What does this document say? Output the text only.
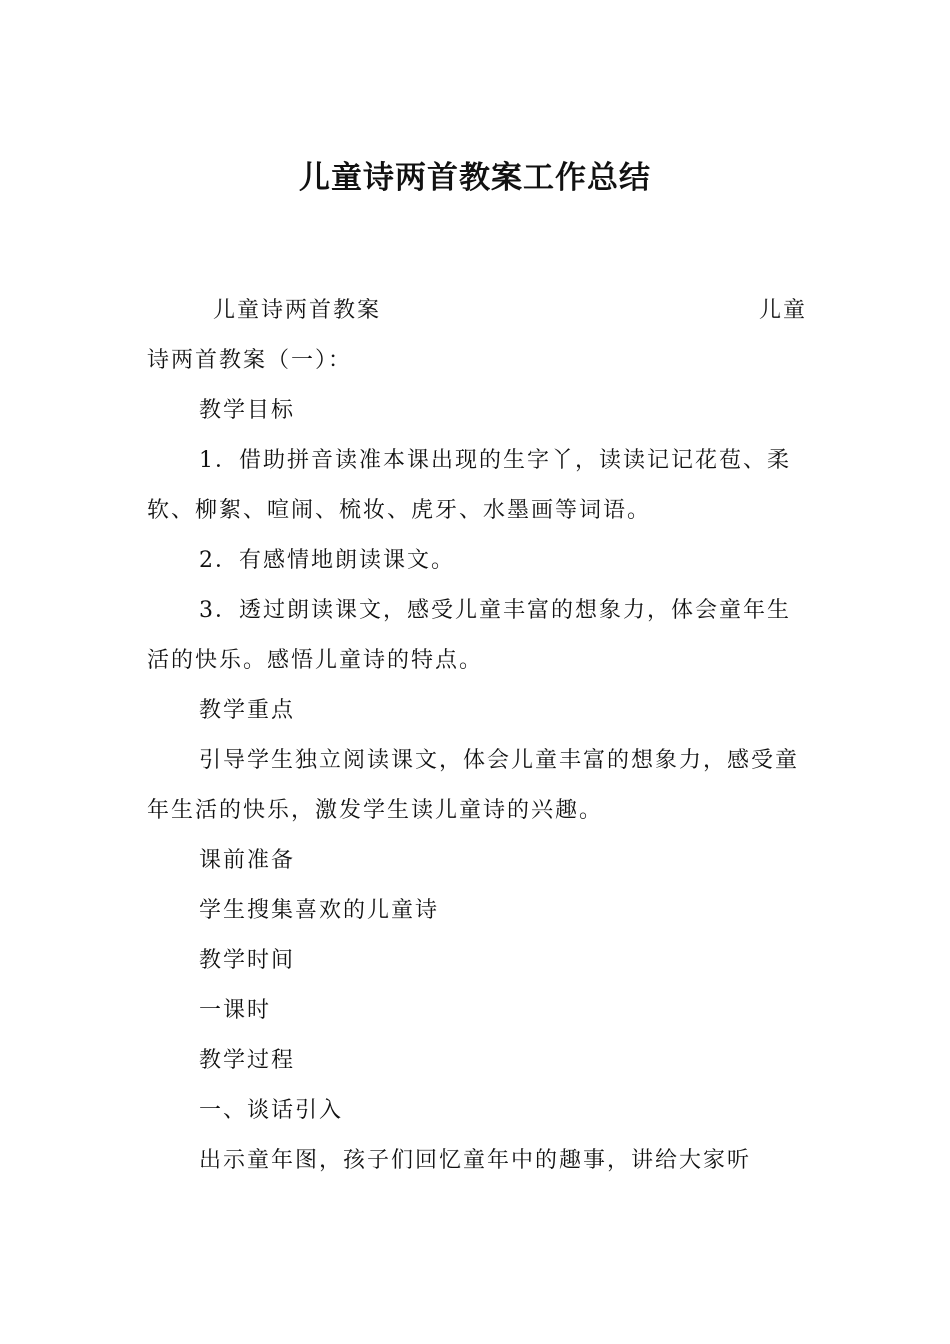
儿童诗两首教案工作总结
儿童诗两首教案	儿童

诗两首教案（一）：

教学目标

1．借助拼音读准本课出现的生字丫，读读记记花苞、柔软、柳絮、喧闹、梳妆、虎牙、水墨画等词语。

2．有感情地朗读课文。

3．透过朗读课文，感受儿童丰富的想象力，体会童年生活的快乐。感悟儿童诗的特点。

教学重点

引导学生独立阅读课文，体会儿童丰富的想象力，感受童年生活的快乐，激发学生读儿童诗的兴趣。

课前准备

学生搜集喜欢的儿童诗

教学时间

一课时

教学过程

一、谈话引入

出示童年图，孩子们回忆童年中的趣事，讲给大家听
